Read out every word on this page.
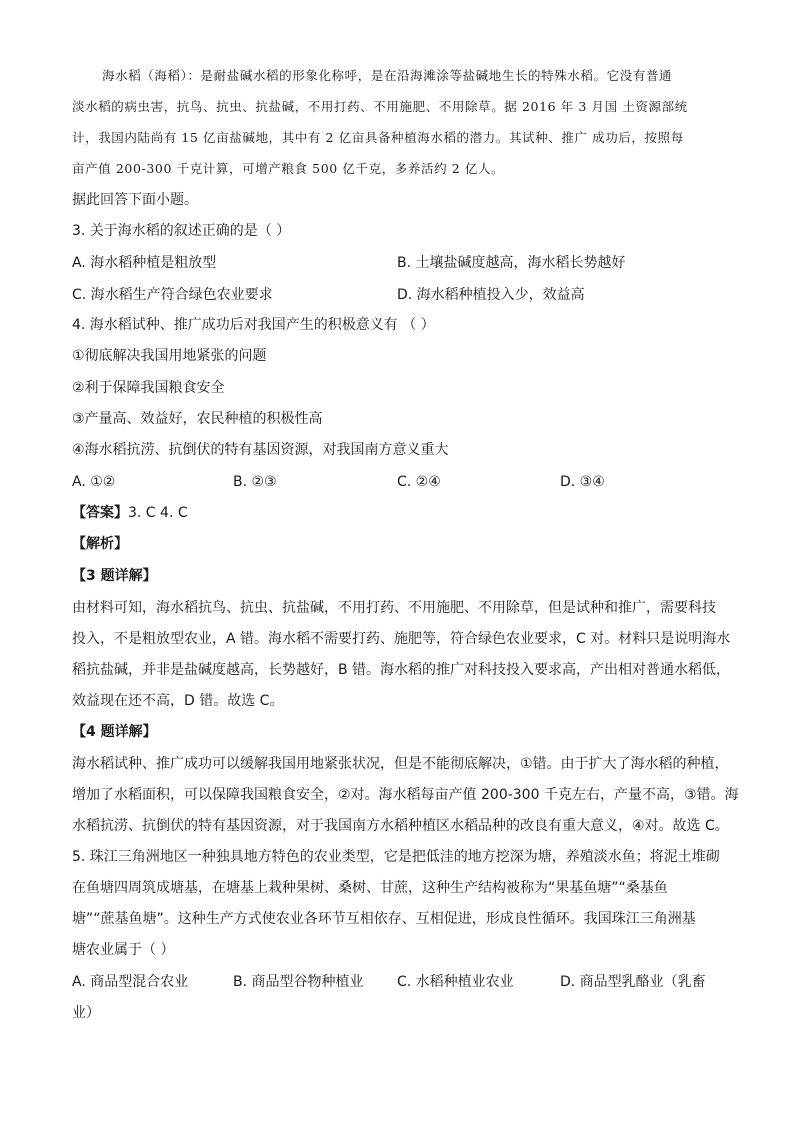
海水稻（海稻）：是耐盐碱水稻的形象化称呼，是在沿海滩涂等盐碱地生长的特殊水稻。它没有普通
淡水稻的病虫害，抗鸟、抗虫、抗盐碱，不用打药、不用施肥、不用除草。据 2016 年 3 月国 土资源部统
计，我国内陆尚有 15 亿亩盐碱地，其中有 2 亿亩具备种植海水稻的潜力。其试种、推广 成功后，按照每
亩产值 200-300 千克计算，可增产粮食 500 亿千克，多养活约 2 亿人。
据此回答下面小题。
3. 关于海水稻的叙述正确的是（ ）
A. 海水稻种植是粗放型	B. 土壤盐碱度越高，海水稻长势越好
C. 海水稻生产符合绿色农业要求	D. 海水稻种植投入少，效益高
4. 海水稻试种、推广成功后对我国产生的积极意义有 （ ）
①彻底解决我国用地紧张的问题
②利于保障我国粮食安全
③产量高、效益好，农民种植的积极性高
④海水稻抗涝、抗倒伏的特有基因资源，对我国南方意义重大
A. ①②	B. ②③	C. ②④	D. ③④
【答案】3. C 4. C
【解析】
【3 题详解】
由材料可知，海水稻抗鸟、抗虫、抗盐碱，不用打药、不用施肥、不用除草，但是试种和推广，需要科技
投入，不是粗放型农业，A 错。海水稻不需要打药、施肥等，符合绿色农业要求，C 对。材料只是说明海水
稻抗盐碱，并非是盐碱度越高，长势越好，B 错。海水稻的推广对科技投入要求高，产出相对普通水稻低，
效益现在还不高，D 错。故选 C。
【4 题详解】
海水稻试种、推广成功可以缓解我国用地紧张状况，但是不能彻底解决，①错。由于扩大了海水稻的种植，
增加了水稻面积，可以保障我国粮食安全，②对。海水稻每亩产值 200-300 千克左右，产量不高，③错。海
水稻抗涝、抗倒伏的特有基因资源，对于我国南方水稻种植区水稻品种的改良有重大意义，④对。故选 C。
5. 珠江三角洲地区一种独具地方特色的农业类型，它是把低洼的地方挖深为塘，养殖淡水鱼；将泥土堆砌
在鱼塘四周筑成塘基，在塘基上栽种果树、桑树、甘蔗，这种生产结构被称为“果基鱼塘”“桑基鱼
塘”“蔗基鱼塘”。这种生产方式使农业各环节互相依存、互相促进，形成良性循环。我国珠江三角洲基
塘农业属于（ ）
A. 商品型混合农业	B. 商品型谷物种植业 C. 水稻种植业农业	D. 商品型乳酪业（乳畜
业）
